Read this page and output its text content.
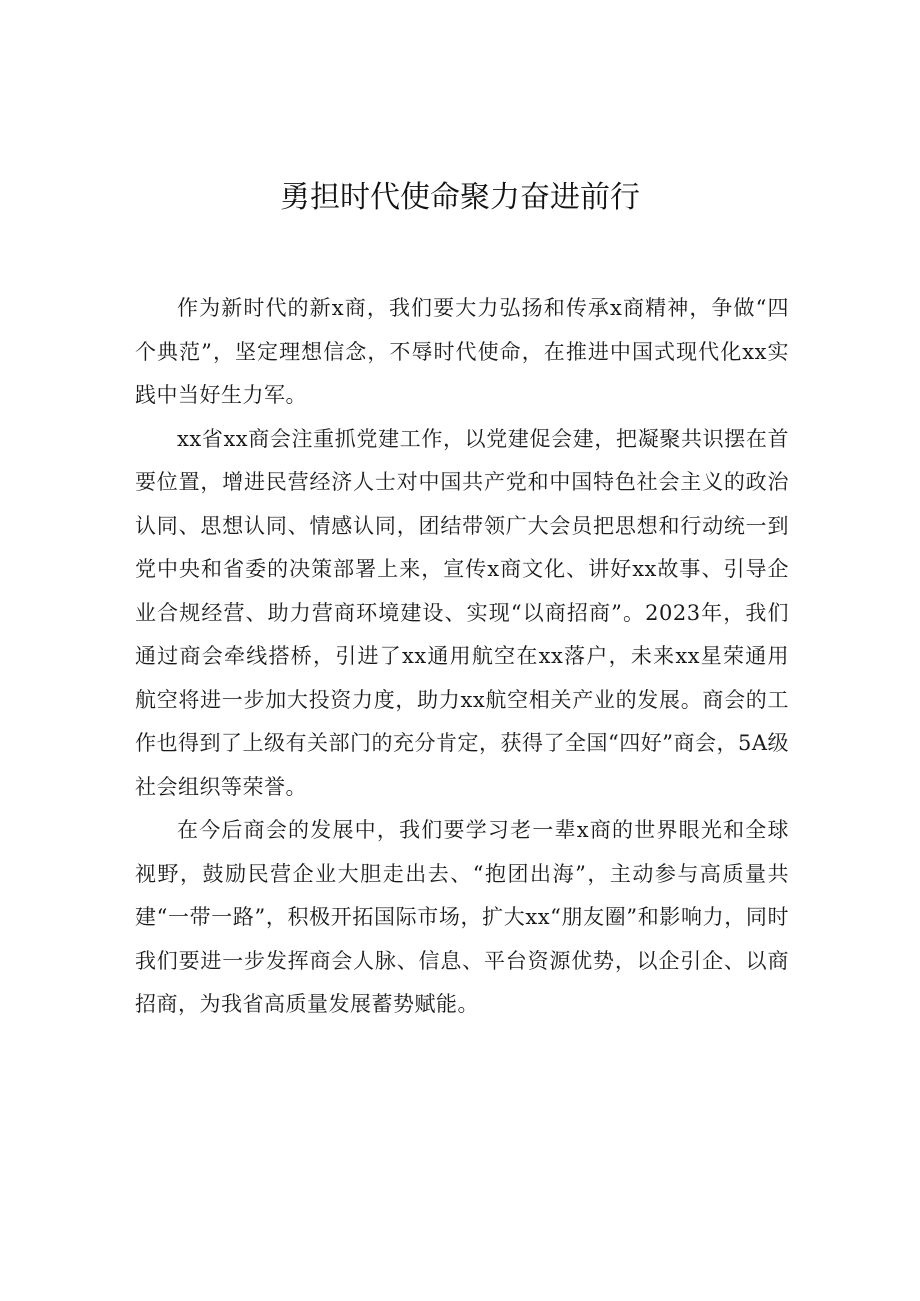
勇担时代使命聚力奋进前行

作为新时代的新x商，我们要大力弘扬和传承x商精神，争做“四个典范”，坚定理想信念，不辱时代使命，在推进中国式现代化xx实践中当好生力军。

xx省xx商会注重抓党建工作，以党建促会建，把凝聚共识摆在首要位置，增进民营经济人士对中国共产党和中国特色社会主义的政治认同、思想认同、情感认同，团结带领广大会员把思想和行动统一到党中央和省委的决策部署上来，宣传x商文化、讲好xx故事、引导企业合规经营、助力营商环境建设、实现“以商招商”。2023年，我们通过商会牵线搭桥，引进了xx通用航空在xx落户，未来xx星荣通用航空将进一步加大投资力度，助力xx航空相关产业的发展。商会的工作也得到了上级有关部门的充分肯定，获得了全国“四好”商会，5A级社会组织等荣誉。

在今后商会的发展中，我们要学习老一辈x商的世界眼光和全球视野，鼓励民营企业大胆走出去、“抱团出海”，主动参与高质量共建“一带一路”，积极开拓国际市场，扩大xx“朋友圈”和影响力，同时我们要进一步发挥商会人脉、信息、平台资源优势，以企引企、以商招商，为我省高质量发展蓄势赋能。
